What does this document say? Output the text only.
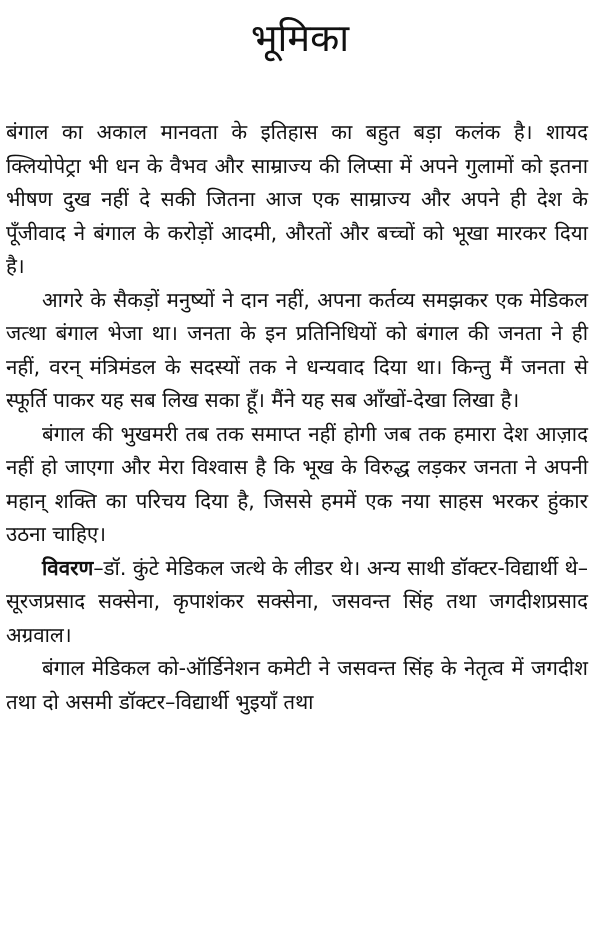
भूमिका

बंगाल का अकाल मानवता के इतिहास का बहुत बड़ा कलंक है। शायद क्लियोपेट्रा भी धन के वैभव और साम्राज्य की लिप्सा में अपने गुलामों को इतना भीषण दुख नहीं दे सकी जितना आज एक साम्राज्य और अपने ही देश के पूँजीवाद ने बंगाल के करोड़ों आदमी, औरतों और बच्चों को भूखा मारकर दिया है।

आगरे के सैकड़ों मनुष्यों ने दान नहीं, अपना कर्तव्य समझकर एक मेडिकल जत्था बंगाल भेजा था। जनता के इन प्रतिनिधियों को बंगाल की जनता ने ही नहीं, वरन् मंत्रिमंडल के सदस्यों तक ने धन्यवाद दिया था। किन्तु मैं जनता से स्फूर्ति पाकर यह सब लिख सका हूँ। मैंने यह सब आँखों-देखा लिखा है।

बंगाल की भुखमरी तब तक समाप्त नहीं होगी जब तक हमारा देश आज़ाद नहीं हो जाएगा और मेरा विश्वास है कि भूख के विरुद्ध लड़कर जनता ने अपनी महान् शक्ति का परिचय दिया है, जिससे हममें एक नया साहस भरकर हुंकार उठना चाहिए।

विवरण–डॉ. कुंटे मेडिकल जत्थे के लीडर थे। अन्य साथी डॉक्टर-विद्यार्थी थे–सूरजप्रसाद सक्सेना, कृपाशंकर सक्सेना, जसवन्त सिंह तथा जगदीशप्रसाद अग्रवाल।

बंगाल मेडिकल को-ऑर्डिनेशन कमेटी ने जसवन्त सिंह के नेतृत्व में जगदीश तथा दो असमी डॉक्टर–विद्यार्थी भुइयाँ तथा
